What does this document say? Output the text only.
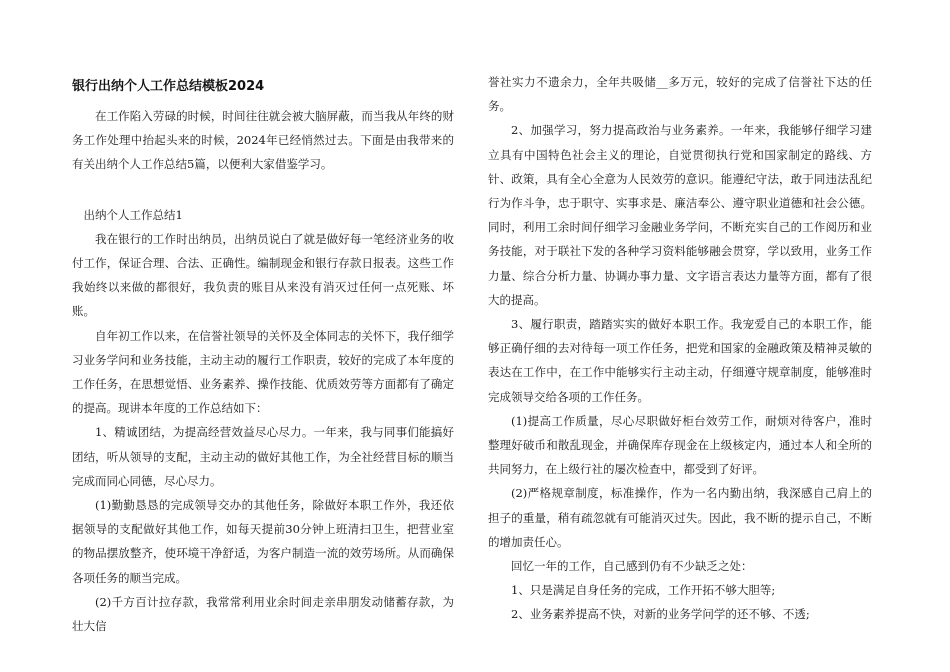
银行出纳个人工作总结模板2024

在工作陷入劳碌的时候，时间往往就会被大脑屏蔽，而当我从年终的财务工作处理中抬起头来的时候，2024年已经悄然过去。下面是由我带来的有关出纳个人工作总结5篇，以便利大家借鉴学习。

出纳个人工作总结1

我在银行的工作时出纳员，出纳员说白了就是做好每一笔经济业务的收付工作，保证合理、合法、正确性。编制现金和银行存款日报表。这些工作我始终以来做的都很好，我负责的账目从来没有消灭过任何一点死账、坏账。

自年初工作以来，在信誉社领导的关怀及全体同志的关怀下，我仔细学习业务学问和业务技能，主动主动的履行工作职责，较好的完成了本年度的工作任务，在思想觉悟、业务素养、操作技能、优质效劳等方面都有了确定的提高。现讲本年度的工作总结如下：

1、精诚团结，为提高经营效益尽心尽力。一年来，我与同事们能搞好团结，听从领导的支配，主动主动的做好其他工作，为全社经营目标的顺当完成而同心同德，尽心尽力。

(1)勤勤恳恳的完成领导交办的其他任务，除做好本职工作外，我还依据领导的支配做好其他工作，如每天提前30分钟上班清扫卫生，把营业室的物品摆放整齐，使环境干净舒适，为客户制造一流的效劳场所。从而确保各项任务的顺当完成。

(2)千方百计拉存款，我常常利用业余时间走亲串朋发动储蓄存款，为壮大信

誉社实力不遗余力，全年共吸储__多万元，较好的完成了信誉社下达的任务。

2、加强学习，努力提高政治与业务素养。一年来，我能够仔细学习建立具有中国特色社会主义的理论，自觉贯彻执行党和国家制定的路线、方针、政策，具有全心全意为人民效劳的意识。能遵纪守法，敢于同违法乱纪行为作斗争，忠于职守、实事求是、廉洁奉公、遵守职业道德和社会公德。同时，利用工余时间仔细学习金融业务学问，不断充实自己的工作阅历和业务技能，对于联社下发的各种学习资料能够融会贯穿，学以致用，业务工作力量、综合分析力量、协调办事力量、文字语言表达力量等方面，都有了很大的提高。

3、履行职责，踏踏实实的做好本职工作。我宠爱自己的本职工作，能够正确仔细的去对待每一项工作任务，把党和国家的金融政策及精神灵敏的表达在工作中，在工作中能够实行主动主动，仔细遵守规章制度，能够准时完成领导交给各项的工作任务。

(1)提高工作质量，尽心尽职做好柜台效劳工作，耐烦对待客户，准时整理好破币和散乱现金，并确保库存现金在上级核定内，通过本人和全所的共同努力，在上级行社的屡次检查中，都受到了好评。

(2)严格规章制度，标准操作，作为一名内勤出纳，我深感自己肩上的担子的重量，稍有疏忽就有可能消灭过失。因此，我不断的提示自己，不断的增加责任心。

回忆一年的工作，自己感到仍有不少缺乏之处：

1、只是满足自身任务的完成，工作开拓不够大胆等;

2、业务素养提高不快，对新的业务学问学的还不够、不透;
